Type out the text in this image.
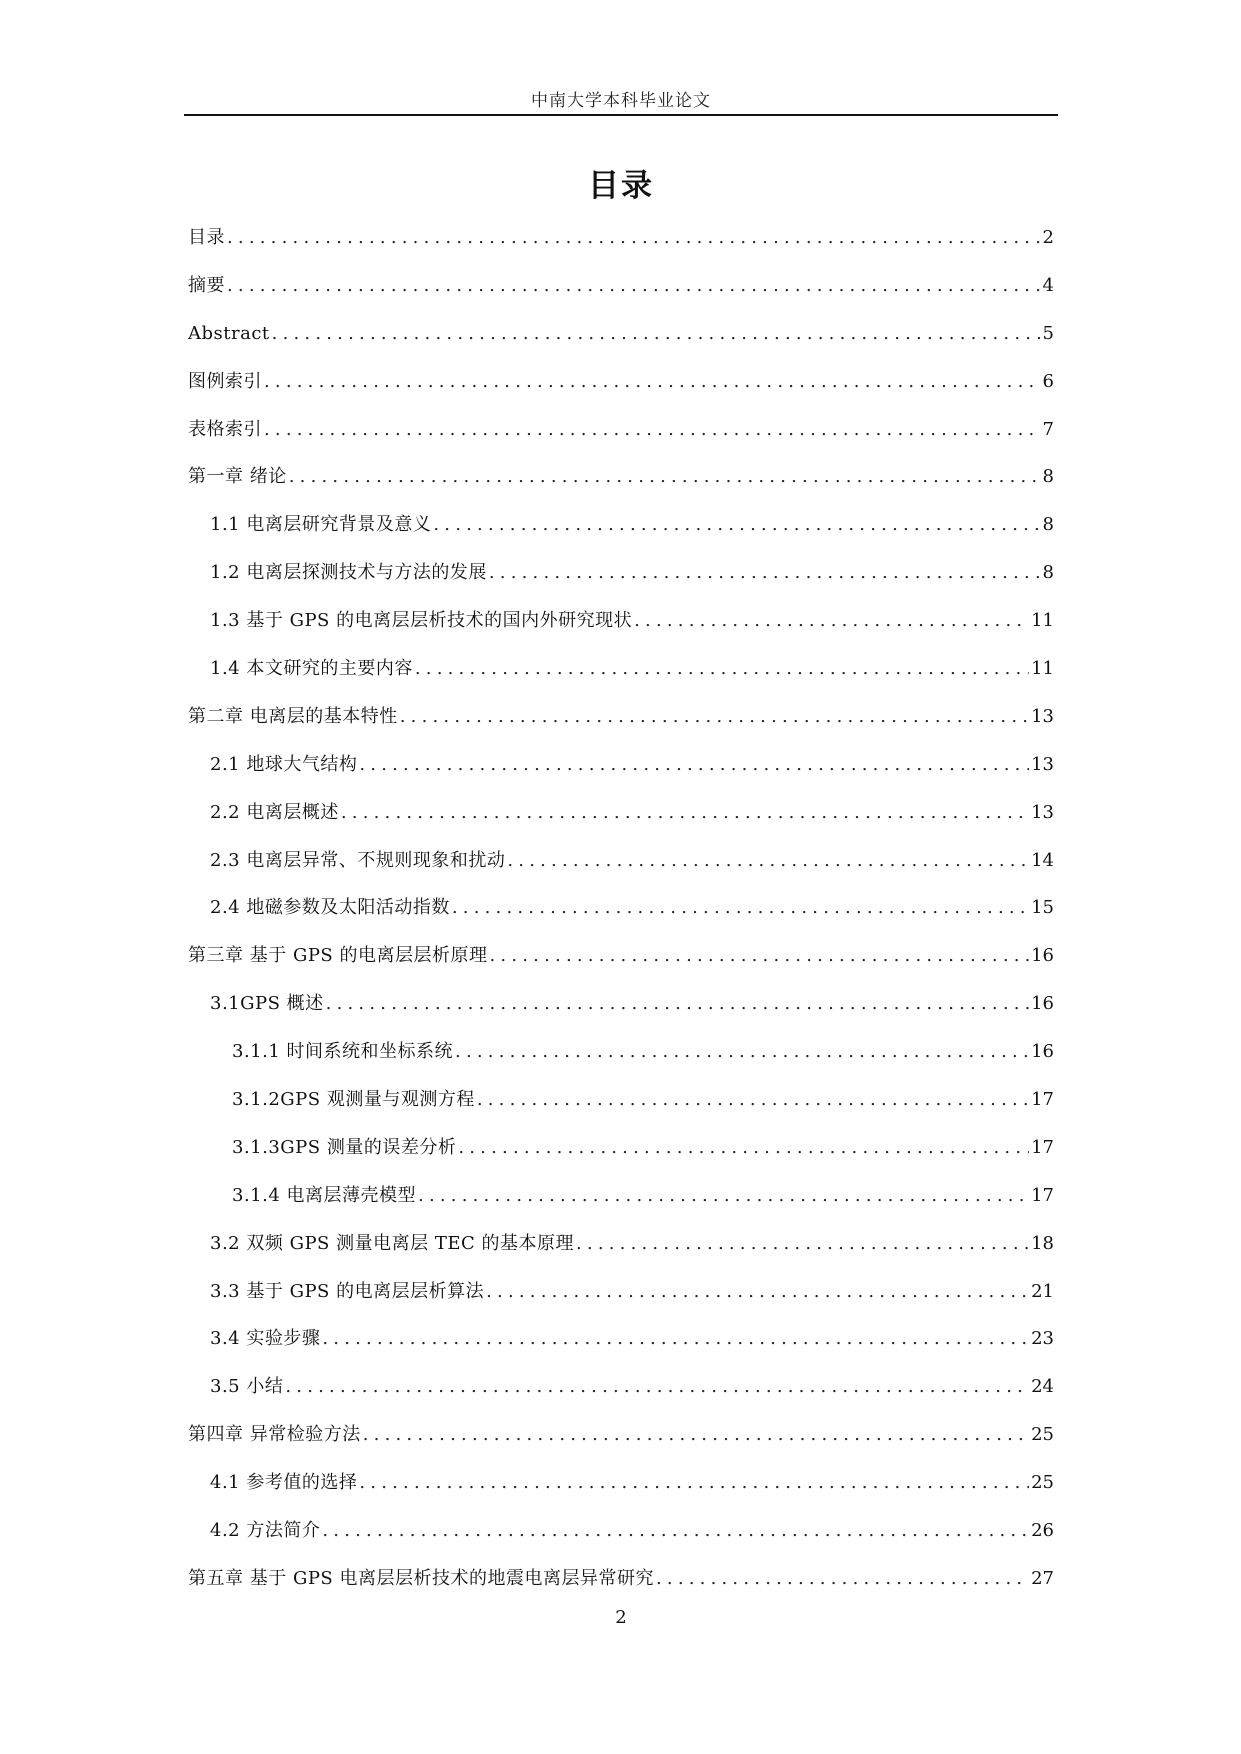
中南大学本科毕业论文
目录
目录 .....	2
摘要 .....	4
Abstract .....	5
图例索引 .....	6
表格索引 .....	7
第一章 绪论 .....	8
1.1 电离层研究背景及意义 .....	8
1.2 电离层探测技术与方法的发展 .....	8
1.3 基于 GPS 的电离层层析技术的国内外研究现状 .....	11
1.4 本文研究的主要内容 .....	11
第二章 电离层的基本特性 .....	13
2.1 地球大气结构 .....	13
2.2 电离层概述 .....	13
2.3 电离层异常、不规则现象和扰动 .....	14
2.4 地磁参数及太阳活动指数 .....	15
第三章 基于 GPS 的电离层层析原理 .....	16
3.1GPS 概述 .....	16
3.1.1 时间系统和坐标系统 .....	16
3.1.2GPS 观测量与观测方程 .....	17
3.1.3GPS 测量的误差分析 .....	17
3.1.4 电离层薄壳模型 .....	17
3.2 双频 GPS 测量电离层 TEC 的基本原理 .....	18
3.3 基于 GPS 的电离层层析算法 .....	21
3.4 实验步骤 .....	23
3.5 小结 .....	24
第四章 异常检验方法 .....	25
4.1 参考值的选择 .....	25
4.2 方法简介 .....	26
第五章 基于 GPS 电离层层析技术的地震电离层异常研究 .....	27
2
